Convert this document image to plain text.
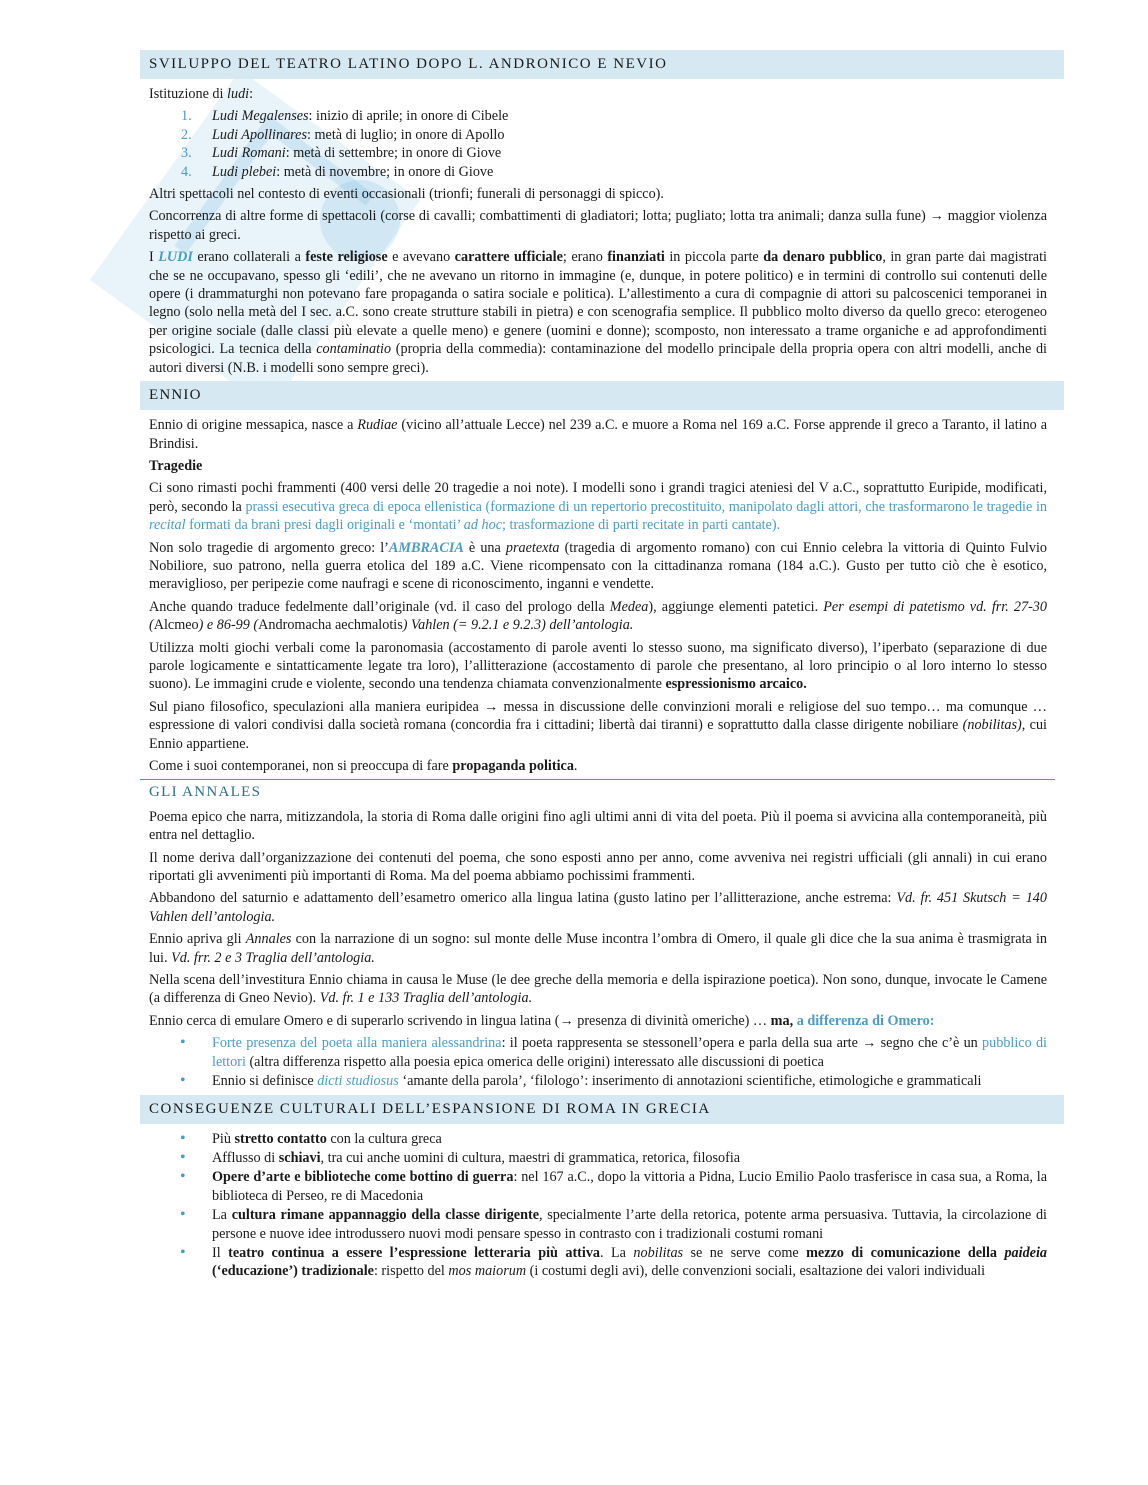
SVILUPPO DEL TEATRO LATINO DOPO L. ANDRONICO E NEVIO

Istituzione di ludi:

1. Ludi Megalenses: inizio di aprile; in onore di Cibele
2. Ludi Apollinares: metà di luglio; in onore di Apollo
3. Ludi Romani: metà di settembre; in onore di Giove
4. Ludi plebei: metà di novembre; in onore di Giove

Altri spettacoli nel contesto di eventi occasionali (trionfi; funerali di personaggi di spicco).

Concorrenza di altre forme di spettacoli (corse di cavalli; combattimenti di gladiatori; lotta; pugliato; lotta tra animali; danza sulla fune) → maggior violenza rispetto ai greci.

I LUDI erano collaterali a feste religiose e avevano carattere ufficiale; erano finanziati in piccola parte da denaro pubblico, in gran parte dai magistrati che se ne occupavano, spesso gli ‘edili’, che ne avevano un ritorno in immagine (e, dunque, in potere politico) e in termini di controllo sui contenuti delle opere (i drammaturghi non potevano fare propaganda o satira sociale e politica). L’allestimento a cura di compagnie di attori su palcoscenici temporanei in legno (solo nella metà del I sec. a.C. sono create strutture stabili in pietra) e con scenografia semplice. Il pubblico molto diverso da quello greco: eterogeneo per origine sociale (dalle classi più elevate a quelle meno) e genere (uomini e donne); scomposto, non interessato a trame organiche e ad approfondimenti psicologici. La tecnica della contaminatio (propria della commedia): contaminazione del modello principale della propria opera con altri modelli, anche di autori diversi (N.B. i modelli sono sempre greci).

ENNIO

Ennio di origine messapica, nasce a Rudiae (vicino all’attuale Lecce) nel 239 a.C. e muore a Roma nel 169 a.C. Forse apprende il greco a Taranto, il latino a Brindisi.

Tragedie

Ci sono rimasti pochi frammenti (400 versi delle 20 tragedie a noi note). I modelli sono i grandi tragici ateniesi del V a.C., soprattutto Euripide, modificati, però, secondo la prassi esecutiva greca di epoca ellenistica (formazione di un repertorio precostituito, manipolato dagli attori, che trasformarono le tragedie in recital formati da brani presi dagli originali e ‘montati’ ad hoc; trasformazione di parti recitate in parti cantate).

Non solo tragedie di argomento greco: l’AMBRACIA è una praetexta (tragedia di argomento romano) con cui Ennio celebra la vittoria di Quinto Fulvio Nobiliore, suo patrono, nella guerra etolica del 189 a.C. Viene ricompensato con la cittadinanza romana (184 a.C.). Gusto per tutto ciò che è esotico, meraviglioso, per peripezie come naufragi e scene di riconoscimento, inganni e vendette.

Anche quando traduce fedelmente dall’originale (vd. il caso del prologo della Medea), aggiunge elementi patetici. Per esempi di patetismo vd. frr. 27-30 (Alcmeo) e 86-99 (Andromacha aechmalotis) Vahlen (= 9.2.1 e 9.2.3) dell’antologia.

Utilizza molti giochi verbali come la paronomasia (accostamento di parole aventi lo stesso suono, ma significato diverso), l’iperbato (separazione di due parole logicamente e sintatticamente legate tra loro), l’allitterazione (accostamento di parole che presentano, al loro principio o al loro interno lo stesso suono). Le immagini crude e violente, secondo una tendenza chiamata convenzionalmente espressionismo arcaico.

Sul piano filosofico, speculazioni alla maniera euripidea → messa in discussione delle convinzioni morali e religiose del suo tempo… ma comunque …espressione di valori condivisi dalla società romana (concordia fra i cittadini; libertà dai tiranni) e soprattutto dalla classe dirigente nobiliare (nobilitas), cui Ennio appartiene.

Come i suoi contemporanei, non si preoccupa di fare propaganda politica.

GLI ANNALES

Poema epico che narra, mitizzandola, la storia di Roma dalle origini fino agli ultimi anni di vita del poeta. Più il poema si avvicina alla contemporaneità, più entra nel dettaglio.

Il nome deriva dall’organizzazione dei contenuti del poema, che sono esposti anno per anno, come avveniva nei registri ufficiali (gli annali) in cui erano riportati gli avvenimenti più importanti di Roma. Ma del poema abbiamo pochissimi frammenti.

Abbandono del saturnio e adattamento dell’esametro omerico alla lingua latina (gusto latino per l’allitterazione, anche estrema: Vd. fr. 451 Skutsch = 140 Vahlen dell’antologia.

Ennio apriva gli Annales con la narrazione di un sogno: sul monte delle Muse incontra l’ombra di Omero, il quale gli dice che la sua anima è trasmigrata in lui. Vd. frr. 2 e 3 Traglia dell’antologia.

Nella scena dell’investitura Ennio chiama in causa le Muse (le dee greche della memoria e della ispirazione poetica). Non sono, dunque, invocate le Camene (a differenza di Gneo Nevio). Vd. fr. 1 e 133 Traglia dell’antologia.

Ennio cerca di emulare Omero e di superarlo scrivendo in lingua latina (→ presenza di divinità omeriche) … ma, a differenza di Omero:

• Forte presenza del poeta alla maniera alessandrina: il poeta rappresenta se stessonell’opera e parla della sua arte → segno che c’è un pubblico di lettori (altra differenza rispetto alla poesia epica omerica delle origini) interessato alle discussioni di poetica
• Ennio si definisce dicti studiosus ‘amante della parola’, ‘filologo’: inserimento di annotazioni scientifiche, etimologiche e grammaticali
CONSEGUENZE CULTURALI DELL’ESPANSIONE DI ROMA IN GRECIA
• Più stretto contatto con la cultura greca
• Afflusso di schiavi, tra cui anche uomini di cultura, maestri di grammatica, retorica, filosofia
• Opere d’arte e biblioteche come bottino di guerra: nel 167 a.C., dopo la vittoria a Pidna, Lucio Emilio Paolo trasferisce in casa sua, a Roma, la biblioteca di Perseo, re di Macedonia
• La cultura rimane appannaggio della classe dirigente, specialmente l’arte della retorica, potente arma persuasiva. Tuttavia, la circolazione di persone e nuove idee introdussero nuovi modi pensare spesso in contrasto con i tradizionali costumi romani
• Il teatro continua a essere l’espressione letteraria più attiva. La nobilitas se ne serve come mezzo di comunicazione della paideia (‘educazione’) tradizionale: rispetto del mos maiorum (i costumi degli avi), delle convenzioni sociali, esaltazione dei valori individuali
